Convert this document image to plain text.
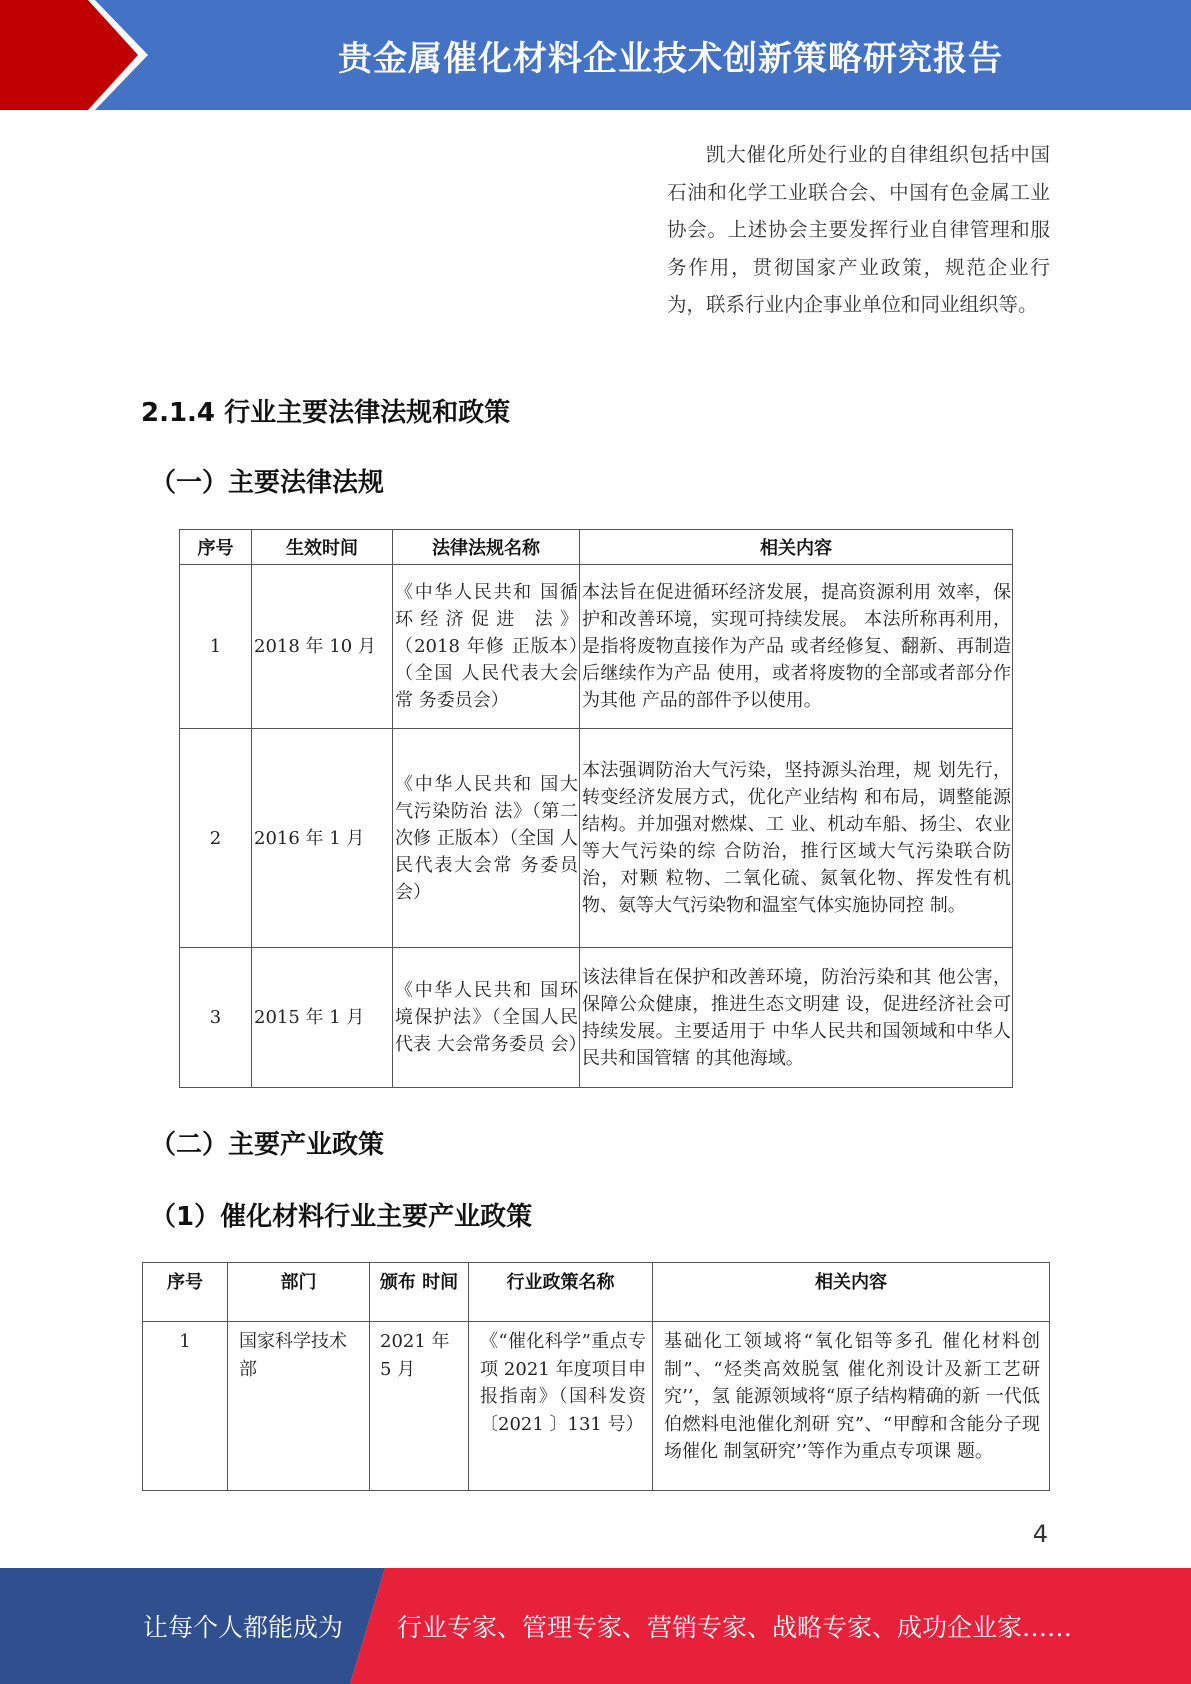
贵金属催化材料企业技术创新策略研究报告

凯大催化所处行业的自律组织包括中国石油和化学工业联合会、中国有色金属工业协会。上述协会主要发挥行业自律管理和服务作用，贯彻国家产业政策，规范企业行为，联系行业内企事业单位和同业组织等。

2.1.4 行业主要法律法规和政策
（一）主要法律法规
序号	生效时间	法律法规名称	相关内容
1	2018 年 10 月	《中华人民共和 国循环经济促进 法》（2018 年修 正版本）（全国 人民代表大会常 务委员会）	本法旨在促进循环经济发展，提高资源利用 效率，保护和改善环境，实现可持续发展。 本法所称再利用，是指将废物直接作为产品 或者经修复、翻新、再制造后继续作为产品 使用，或者将废物的全部或者部分作为其他 产品的部件予以使用。
2	2016 年 1 月	《中华人民共和 国大气污染防治 法》（第二次修 正版本）（全国 人民代表大会常 务委员会）	本法强调防治大气污染，坚持源头治理，规 划先行，转变经济发展方式，优化产业结构 和布局，调整能源结构。并加强对燃煤、工 业、机动车船、扬尘、农业等大气污染的综 合防治，推行区域大气污染联合防治，对颗 粒物、二氧化硫、氮氧化物、挥发性有机 物、氨等大气污染物和温室气体实施协同控 制。
3	2015 年 1 月	《中华人民共和 国环境保护法》（全国人民代表 大会常务委员 会）	该法律旨在保护和改善环境，防治污染和其 他公害，保障公众健康，推进生态文明建 设，促进经济社会可持续发展。主要适用于 中华人民共和国领域和中华人民共和国管辖 的其他海域。
（二）主要产业政策
（1）催化材料行业主要产业政策
序号	部门	颁布 时间	行业政策名称	相关内容
1	国家科学技术部	2021 年 5 月	《“催化科学”重点专项 2021 年度项目申报指南》（国科发资〔2021 〕131 号）	基础化工领域将“氧化铝等多孔 催化材料创制”、“烃类高效脱氢 催化剂设计及新工艺研究’’，氢 能源领域将“原子结构精确的新 一代低伯燃料电池催化剂研 究”、“甲醇和含能分子现场催化 制氢研究’’等作为重点专项课 题。
4
让每个人都能成为 行业专家、管理专家、营销专家、战略专家、成功企业家……
